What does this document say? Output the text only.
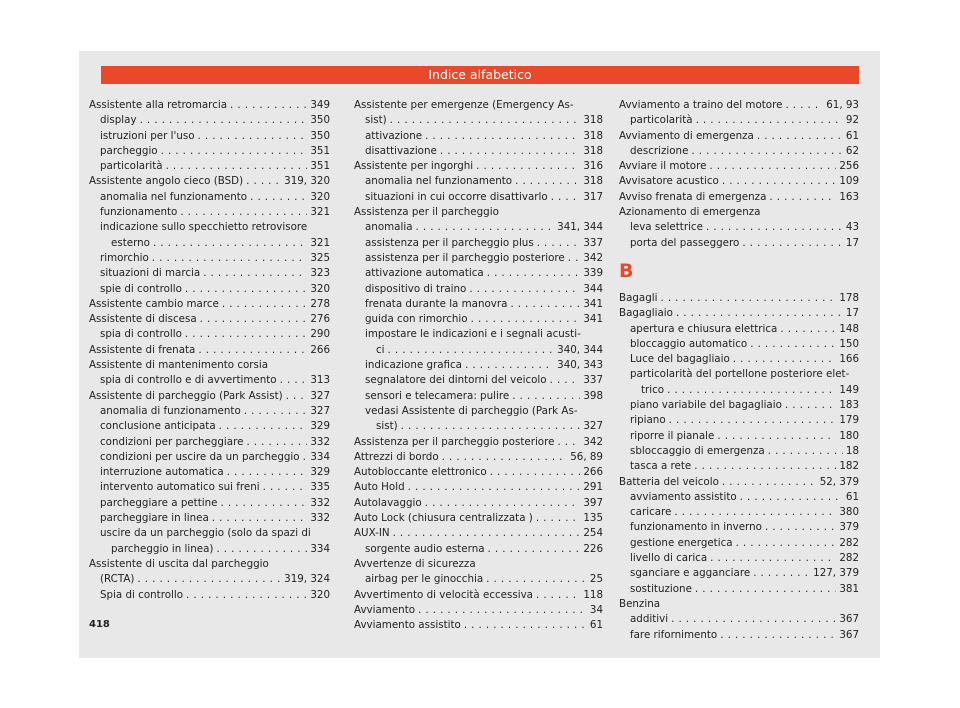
Indice alfabetico
Assistente alla retromarcia . . .	349
display . . .	350
istruzioni per l'uso . . .	350
parcheggio . . .	351
particolarità . . .	351
Assistente angolo cieco (BSD) . . .	319, 320
anomalia nel funzionamento . . .	320
funzionamento . . .	321
indicazione sullo specchietto retrovisore
esterno . . .	321
rimorchio . . .	325
situazioni di marcia . . .	323
spie di controllo . . .	320
Assistente cambio marce . . .	278
Assistente di discesa . . .	276
spia di controllo . . .	290
Assistente di frenata . . .	266
Assistente di mantenimento corsia
spia di controllo e di avvertimento . . .	313
Assistente di parcheggio (Park Assist) . . .	327
anomalia di funzionamento . . .	327
conclusione anticipata . . .	329
condizioni per parcheggiare . . .	332
condizioni per uscire da un parcheggio . . . 334
interruzione automatica . . .	329
intervento automatico sui freni . . .	335
parcheggiare a pettine . . .	332
parcheggiare in linea . . .	332
uscire da un parcheggio (solo da spazi di
parcheggio in linea) . . .	334
Assistente di uscita dal parcheggio
(RCTA) . . .	319, 324
Spia di controllo . . .	320
Assistente per emergenze (Emergency As-
sist) . . .	318
attivazione . . .	318
disattivazione . . .	318
Assistente per ingorghi . . .	316
anomalia nel funzionamento . . .	318
situazioni in cui occorre disattivarlo . . .	317
Assistenza per il parcheggio
anomalia . . .	341, 344
assistenza per il parcheggio plus . . .	337
assistenza per il parcheggio posteriore . . . 342
attivazione automatica . . .	339
dispositivo di traino . . .	344
frenata durante la manovra . . .	341
guida con rimorchio . . .	341
impostare le indicazioni e i segnali acusti-
ci . . .	340, 344
indicazione grafica . . .	340, 343
segnalatore dei dintorni del veicolo . . .	337
sensori e telecamera: pulire . . .	398
vedasi Assistente di parcheggio (Park As-
sist) . . .	327
Assistenza per il parcheggio posteriore . . .	342
Attrezzi di bordo . . .	56, 89
Autobloccante elettronico . . .	266
Auto Hold . . .	291
Autolavaggio . . .	397
Auto Lock (chiusura centralizzata ) . . .	135
AUX-IN . . .	254
sorgente audio esterna . . .	226
Avvertenze di sicurezza
airbag per le ginocchia . . .	25
Avvertimento di velocità eccessiva . . .	118
Avviamento . . .	34
Avviamento assistito . . .	61
Avviamento a traino del motore . . .	61, 93
particolarità . . .	92
Avviamento di emergenza . . .	61
descrizione . . .	62
Avviare il motore . . .	256
Avvisatore acustico . . .	109
Avviso frenata di emergenza . . .	163
Azionamento di emergenza
leva selettrice . . .	43
porta del passeggero . . .	17
B
Bagagli . . .	178
Bagagliaio . . .	17
apertura e chiusura elettrica . . .	148
bloccaggio automatico . . .	150
Luce del bagagliaio . . .	166
particolarità del portellone posteriore elet-
trico . . .	149
piano variabile del bagagliaio . . .	183
ripiano . . .	179
riporre il pianale . . .	180
sbloccaggio di emergenza . . .	18
tasca a rete . . .	182
Batteria del veicolo . . .	52, 379
avviamento assistito . . .	61
caricare . . .	380
funzionamento in inverno . . .	379
gestione energetica . . .	282
livello di carica . . .	282
sganciare e agganciare . . .	127, 379
sostituzione . . .	381
Benzina
additivi . . .	367
fare rifornimento . . .	367
418
